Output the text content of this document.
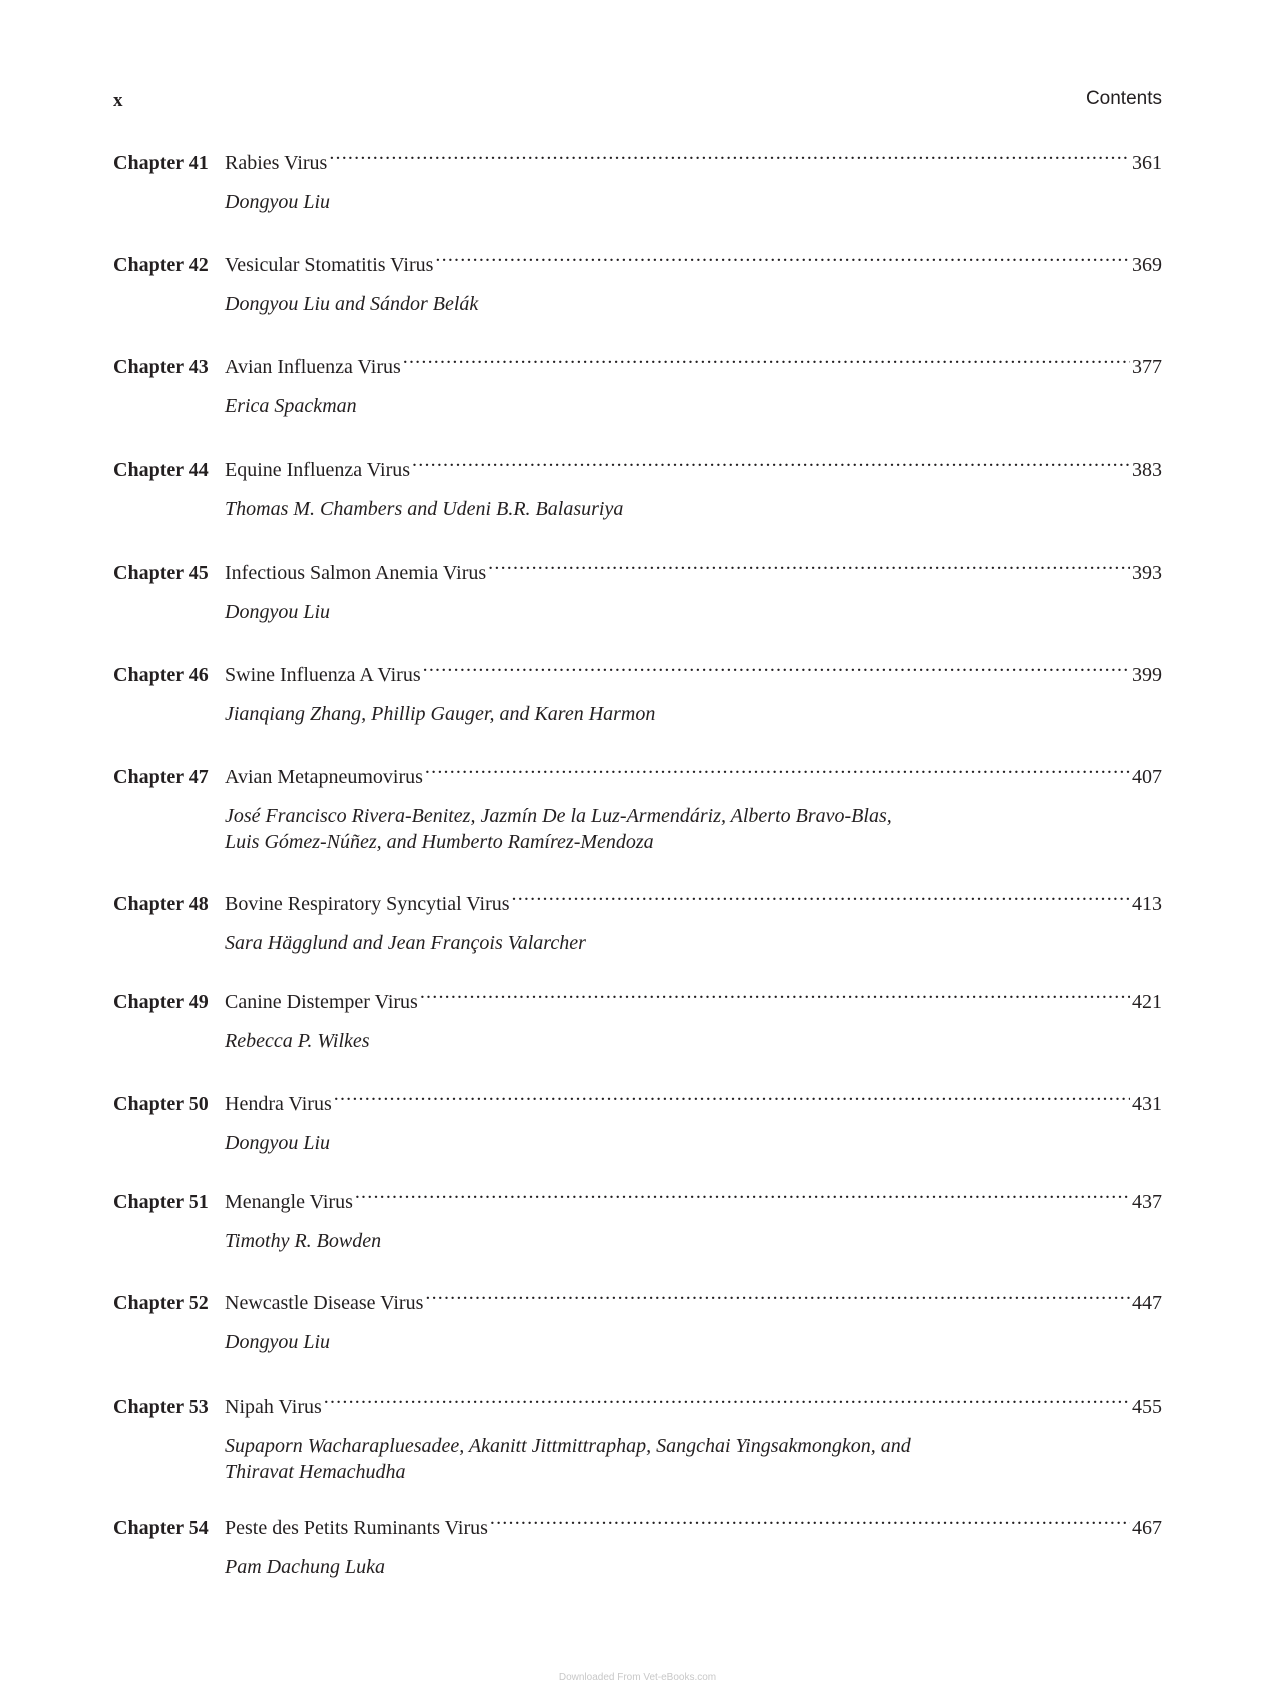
x	Contents
Chapter 41 Rabies Virus .....	361
Dongyou Liu
Chapter 42 Vesicular Stomatitis Virus .....	369
Dongyou Liu and Sándor Belák
Chapter 43 Avian Influenza Virus .....	377
Erica Spackman
Chapter 44 Equine Influenza Virus .....	383
Thomas M. Chambers and Udeni B.R. Balasuriya
Chapter 45 Infectious Salmon Anemia Virus .....	393
Dongyou Liu
Chapter 46 Swine Influenza A Virus .....	399
Jianqiang Zhang, Phillip Gauger, and Karen Harmon
Chapter 47 Avian Metapneumovirus .....	407
José Francisco Rivera-Benitez, Jazmín De la Luz-Armendáriz, Alberto Bravo-Blas,
Luis Gómez-Núñez, and Humberto Ramírez-Mendoza
Chapter 48 Bovine Respiratory Syncytial Virus .....	413
Sara Hägglund and Jean François Valarcher
Chapter 49 Canine Distemper Virus .....	421
Rebecca P. Wilkes
Chapter 50 Hendra Virus .....	431
Dongyou Liu
Chapter 51 Menangle Virus .....	437
Timothy R. Bowden
Chapter 52 Newcastle Disease Virus .....	447
Dongyou Liu
Chapter 53 Nipah Virus .....	455
Supaporn Wacharapluesadee, Akanitt Jittmittraphap, Sangchai Yingsakmongkon, and
Thiravat Hemachudha
Chapter 54 Peste des Petits Ruminants Virus .....	467
Pam Dachung Luka
Downloaded From Vet-eBooks.com
